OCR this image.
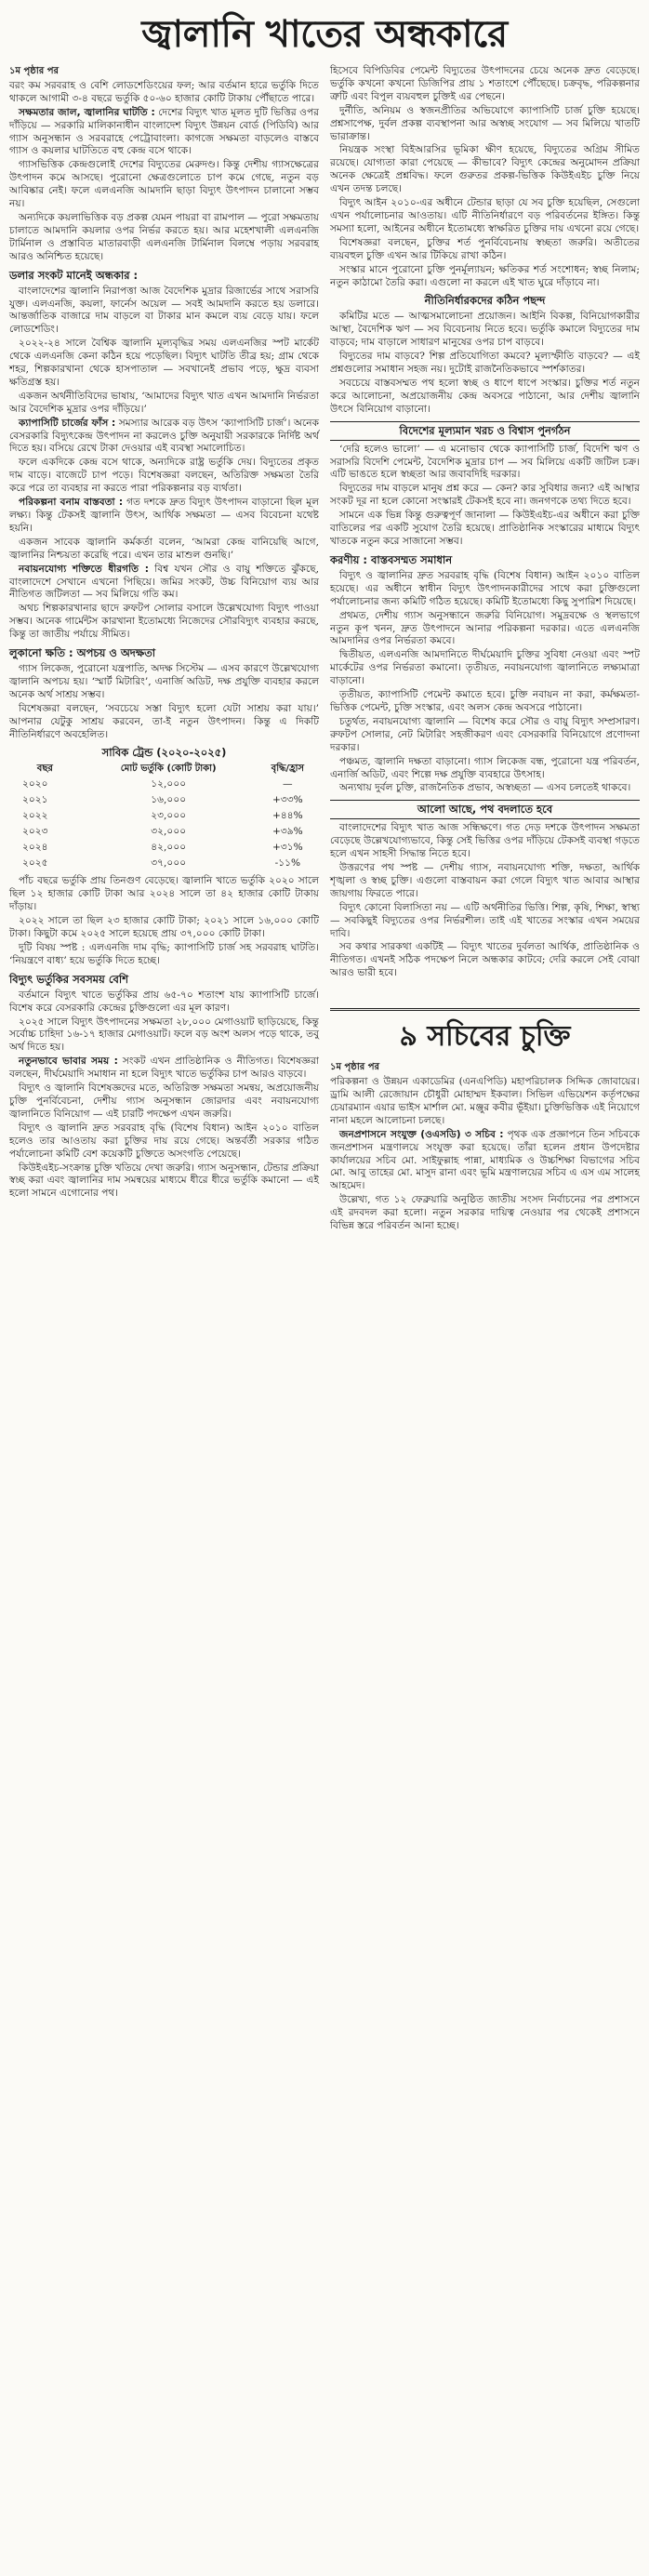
জ্বালানি খাতের অন্ধকারে
১ম পৃষ্ঠার পর

বরং কম সরবরাহ ও বেশি লোডশেডিংয়ের ফল; আর বর্তমান হারে ভর্তুকি দিতে থাকলে আগামী ৩-৪ বছরে ভর্তুকি ৫০-৬০ হাজার কোটি টাকায় পৌঁছাতে পারে।

সক্ষমতার জাল, জ্বালানির ঘাটতি : দেশের বিদ্যুৎ খাত মূলত দুটি ভিত্তির ওপর দাঁড়িয়ে — সরকারি মালিকানাধীন বাংলাদেশ বিদ্যুৎ উন্নয়ন বোর্ড (পিডিবি) আর গ্যাস অনুসন্ধান ও সরবরাহে পেট্রোবাংলা। কাগজে সক্ষমতা বাড়লেও বাস্তবে গ্যাস ও কয়লার ঘাটতিতে বহু কেন্দ্র বসে থাকে।

গ্যাসভিত্তিক কেন্দ্রগুলোই দেশের বিদ্যুতের মেরুদণ্ড। কিন্তু দেশীয় গ্যাসক্ষেত্রের উৎপাদন কমে আসছে। পুরোনো ক্ষেত্রগুলোতে চাপ কমে গেছে, নতুন বড় আবিষ্কার নেই। ফলে এলএনজি আমদানি ছাড়া বিদ্যুৎ উৎপাদন চালানো সম্ভব নয়।

অন্যদিকে কয়লাভিত্তিক বড় প্রকল্প যেমন পায়রা বা রামপাল — পুরো সক্ষমতায় চালাতে আমদানি কয়লার ওপর নির্ভর করতে হয়। আর মহেশখালী এলএনজি টার্মিনাল ও প্রস্তাবিত মাতারবাড়ী এলএনজি টার্মিনাল বিলম্বে পড়ায় সরবরাহ আরও অনিশ্চিত হয়েছে।

ডলার সংকট মানেই অন্ধকার :

বাংলাদেশের জ্বালানি নিরাপত্তা আজ বৈদেশিক মুদ্রার রিজার্ভের সাথে সরাসরি যুক্ত। এলএনজি, কয়লা, ফার্নেস অয়েল — সবই আমদানি করতে হয় ডলারে। আন্তর্জাতিক বাজারে দাম বাড়লে বা টাকার মান কমলে ব্যয় বেড়ে যায়। ফলে লোডশেডিং।

২০২২-২৪ সালে বৈশ্বিক জ্বালানি মূল্যবৃদ্ধির সময় এলএনজির স্পট মার্কেট থেকে এলএনজি কেনা কঠিন হয়ে পড়েছিল। বিদ্যুৎ ঘাটতি তীব্র হয়; গ্রাম থেকে শহর, শিল্পকারখানা থেকে হাসপাতাল — সবখানেই প্রভাব পড়ে, ক্ষুদ্র ব্যবসা ক্ষতিগ্রস্ত হয়।

একজন অর্থনীতিবিদের ভাষায়, ‘আমাদের বিদ্যুৎ খাত এখন আমদানি নির্ভরতা আর বৈদেশিক মুদ্রার ওপর দাঁড়িয়ে।’

ক্যাপাসিটি চার্জের ফাঁস : সমস্যার আরেক বড় উৎস ‘ক্যাপাসিটি চার্জ’। অনেক বেসরকারি বিদ্যুৎকেন্দ্র উৎপাদন না করলেও চুক্তি অনুযায়ী সরকারকে নির্দিষ্ট অর্থ দিতে হয়। বসিয়ে রেখে টাকা দেওয়ার এই ব্যবস্থা সমালোচিত।

ফলে একদিকে কেন্দ্র বসে থাকে, অন্যদিকে রাষ্ট্র ভর্তুকি দেয়। বিদ্যুতের প্রকৃত দাম বাড়ে। বাজেটে চাপ পড়ে। বিশেষজ্ঞরা বলছেন, অতিরিক্ত সক্ষমতা তৈরি করে পরে তা ব্যবহার না করতে পারা পরিকল্পনার বড় ব্যর্থতা।

পরিকল্পনা বনাম বাস্তবতা : গত দশকে দ্রুত বিদ্যুৎ উৎপাদন বাড়ানো ছিল মূল লক্ষ্য। কিন্তু টেকসই জ্বালানি উৎস, আর্থিক সক্ষমতা — এসব বিবেচনা যথেষ্ট হয়নি।

একজন সাবেক জ্বালানি কর্মকর্তা বলেন, ‘আমরা কেন্দ্র বানিয়েছি আগে, জ্বালানির নিশ্চয়তা করেছি পরে। এখন তার মাশুল গুনছি।’

নবায়নযোগ্য শক্তিতে ধীরগতি : বিশ্ব যখন সৌর ও বায়ু শক্তিতে ঝুঁকছে, বাংলাদেশে সেখানে এখনো পিছিয়ে। জমির সংকট, উচ্চ বিনিয়োগ ব্যয় আর নীতিগত জটিলতা — সব মিলিয়ে গতি কম।

অথচ শিল্পকারখানার ছাদে রুফটপ সোলার বসালে উল্লেখযোগ্য বিদ্যুৎ পাওয়া সম্ভব। অনেক গার্মেন্টস কারখানা ইতোমধ্যে নিজেদের সৌরবিদ্যুৎ ব্যবহার করছে, কিন্তু তা জাতীয় পর্যায়ে সীমিত।

লুকানো ক্ষতি : অপচয় ও অদক্ষতা

গ্যাস লিকেজ, পুরোনো যন্ত্রপাতি, অদক্ষ সিস্টেম — এসব কারণে উল্লেখযোগ্য জ্বালানি অপচয় হয়। ‘স্মার্ট মিটারিং’, এনার্জি অডিট, দক্ষ প্রযুক্তি ব্যবহার করলে অনেক অর্থ সাশ্রয় সম্ভব।

বিশেষজ্ঞরা বলছেন, ‘সবচেয়ে সস্তা বিদ্যুৎ হলো যেটা সাশ্রয় করা যায়।’ আপনার যেটুকু সাশ্রয় করবেন, তা-ই নতুন উৎপাদন। কিন্তু এ দিকটি নীতিনির্ধারণে অবহেলিত।

সাবিক ট্রেন্ড (২০২০-২০২৫)
বছর	মোট ভর্তুকি (কোটি টাকা)	বৃদ্ধি/হ্রাস
২০২০	১২,০০০	—
২০২১	১৬,০০০	+৩৩%
২০২২	২৩,০০০	+৪৪%
২০২৩	৩২,০০০	+৩৯%
২০২৪	৪২,০০০	+৩১%
২০২৫	৩৭,০০০	-১১%

পাঁচ বছরে ভর্তুকি প্রায় তিনগুণ বেড়েছে। জ্বালানি খাতে ভর্তুকি ২০২০ সালে ছিল ১২ হাজার কোটি টাকা আর ২০২৪ সালে তা ৪২ হাজার কোটি টাকায় দাঁড়ায়।

২০২২ সালে তা ছিল ২৩ হাজার কোটি টাকা; ২০২১ সালে ১৬,০০০ কোটি টাকা। কিছুটা কমে ২০২৫ সালে হয়েছে প্রায় ৩৭,০০০ কোটি টাকা।

দুটি বিষয় স্পষ্ট : এলএনজি দাম বৃদ্ধি; ক্যাপাসিটি চার্জ সহ সরবরাহ ঘাটতি। ‘নিয়ন্ত্রণে বাধ্য’ হয়ে ভর্তুকি দিতে হচ্ছে।

বিদ্যুৎ ভর্তুকির সবসময় বেশি

বর্তমানে বিদ্যুৎ খাতে ভর্তুকির প্রায় ৬৫-৭০ শতাংশ যায় ক্যাপাসিটি চার্জে। বিশেষ করে বেসরকারি কেন্দ্রের চুক্তিগুলো এর মূল কারণ।

২০২৫ সালে বিদ্যুৎ উৎপাদনের সক্ষমতা ২৮,০০০ মেগাওয়াট ছাড়িয়েছে, কিন্তু সর্বোচ্চ চাহিদা ১৬-১৭ হাজার মেগাওয়াট। ফলে বড় অংশ অলস পড়ে থাকে, তবু অর্থ দিতে হয়।

নতুনভাবে ভাবার সময় : সংকট এখন প্রাতিষ্ঠানিক ও নীতিগত। বিশেষজ্ঞরা বলছেন, দীর্ঘমেয়াদি সমাধান না হলে বিদ্যুৎ খাতে ভর্তুকির চাপ আরও বাড়বে।

বিদ্যুৎ ও জ্বালানি বিশেষজ্ঞদের মতে, অতিরিক্ত সক্ষমতা সমন্বয়, অপ্রয়োজনীয় চুক্তি পুনর্বিবেচনা, দেশীয় গ্যাস অনুসন্ধান জোরদার এবং নবায়নযোগ্য জ্বালানিতে বিনিয়োগ — এই চারটি পদক্ষেপ এখন জরুরি।

বিদ্যুৎ ও জ্বালানি দ্রুত সরবরাহ বৃদ্ধি (বিশেষ বিধান) আইন ২০১০ বাতিল হলেও তার আওতায় করা চুক্তির দায় রয়ে গেছে। অন্তর্বর্তী সরকার গঠিত পর্যালোচনা কমিটি বেশ কয়েকটি চুক্তিতে অসংগতি পেয়েছে।

কিউইএইচ-সংক্রান্ত চুক্তি খতিয়ে দেখা জরুরি। গ্যাস অনুসন্ধান, টেন্ডার প্রক্রিয়া স্বচ্ছ করা এবং জ্বালানির দাম সমন্বয়ের মাধ্যমে ধীরে ধীরে ভর্তুকি কমানো — এই হলো সামনে এগোনোর পথ।

হিসেবে বিপিডিবির পেমেন্ট বিদ্যুতের উৎপাদনের চেয়ে অনেক দ্রুত বেড়েছে। ভর্তুকি কখনো কখনো ডিজিপির প্রায় ১ শতাংশে পৌঁছেছে। চক্রবৃদ্ধ, পরিকল্পনার ত্রুটি এবং বিপুল ব্যয়বহুল চুক্তিই এর পেছনে।

দুর্নীতি, অনিয়ম ও স্বজনপ্রীতির অভিযোগে ক্যাপাসিটি চার্জ চুক্তি হয়েছে। প্রশ্নসাপেক্ষ, দুর্বল প্রকল্প ব্যবস্থাপনা আর অস্বচ্ছ সংযোগ — সব মিলিয়ে খাতটি ভারাক্রান্ত।

নিয়ন্ত্রক সংস্থা বিইআরসির ভূমিকা ক্ষীণ হয়েছে, বিদ্যুতের অগ্রিম সীমিত রয়েছে। যোগ্যতা কারা পেয়েছে — কীভাবে? বিদ্যুৎ কেন্দ্রের অনুমোদন প্রক্রিয়া অনেক ক্ষেত্রেই প্রশ্নবিদ্ধ। ফলে গুরুতর প্রকল্প-ভিত্তিক কিউইএইচ চুক্তি নিয়ে এখন তদন্ত চলছে।

বিদ্যুৎ আইন ২০১০-এর অধীনে টেন্ডার ছাড়া যে সব চুক্তি হয়েছিল, সেগুলো এখন পর্যালোচনার আওতায়। এটি নীতিনির্ধারণে বড় পরিবর্তনের ইঙ্গিত। কিন্তু সমস্যা হলো, আইনের অধীনে ইতোমধ্যে স্বাক্ষরিত চুক্তির দায় এখনো রয়ে গেছে।

বিশেষজ্ঞরা বলছেন, চুক্তির শর্ত পুনর্বিবেচনায় স্বচ্ছতা জরুরি। অতীতের ব্যয়বহুল চুক্তি এখন আর টিকিয়ে রাখা কঠিন।

সংস্কার মানে পুরোনো চুক্তি পুনর্মূল্যায়ন; ক্ষতিকর শর্ত সংশোধন; স্বচ্ছ নিলাম; নতুন কাঠামো তৈরি করা। এগুলো না করলে এই খাত ঘুরে দাঁড়াবে না।

নীতিনির্ধারকদের কঠিন পছন্দ

কমিটির মতে — আত্মসমালোচনা প্রয়োজন। আইনি বিকল্প, বিনিয়োগকারীর আস্থা, বৈদেশিক ঋণ — সব বিবেচনায় নিতে হবে। ভর্তুকি কমালে বিদ্যুতের দাম বাড়বে; দাম বাড়ালে সাধারণ মানুষের ওপর চাপ বাড়বে।

বিদ্যুতের দাম বাড়বে? শিল্প প্রতিযোগিতা কমবে? মূল্যস্ফীতি বাড়বে? — এই প্রশ্নগুলোর সমাধান সহজ নয়। দুটোই রাজনৈতিকভাবে স্পর্শকাতর।

সবচেয়ে বাস্তবসম্মত পথ হলো স্বচ্ছ ও ধাপে ধাপে সংস্কার। চুক্তির শর্ত নতুন করে আলোচনা, অপ্রয়োজনীয় কেন্দ্র অবসরে পাঠানো, আর দেশীয় জ্বালানি উৎসে বিনিয়োগ বাড়ানো।

বিদেশের মূল্যমান খরচ ও বিশ্বাস পুনর্গঠন

‘দেরি হলেও ভালো’ — এ মনোভাব থেকে ক্যাপাসিটি চার্জ, বিদেশি ঋণ ও সরাসরি বিদেশি পেমেন্ট, বৈদেশিক মুদ্রার চাপ — সব মিলিয়ে একটি জটিল চক্র। এটি ভাঙতে হলে স্বচ্ছতা আর জবাবদিহি দরকার।

বিদ্যুতের দাম বাড়লে মানুষ প্রশ্ন করে — কেন? কার সুবিধার জন্য? এই আস্থার সংকট দূর না হলে কোনো সংস্কারই টেকসই হবে না। জনগণকে তথ্য দিতে হবে।

সামনে এক ভিন্ন কিন্তু গুরুত্বপূর্ণ জানালা — কিউইএইচ-এর অধীনে করা চুক্তি বাতিলের পর একটি সুযোগ তৈরি হয়েছে। প্রাতিষ্ঠানিক সংস্কারের মাধ্যমে বিদ্যুৎ খাতকে নতুন করে সাজানো সম্ভব।

করণীয় : বাস্তবসম্মত সমাধান

বিদ্যুৎ ও জ্বালানির দ্রুত সরবরাহ বৃদ্ধি (বিশেষ বিধান) আইন ২০১০ বাতিল হয়েছে। এর অধীনে স্বাধীন বিদ্যুৎ উৎপাদনকারীদের সাথে করা চুক্তিগুলো পর্যালোচনার জন্য কমিটি গঠিত হয়েছে। কমিটি ইতোমধ্যে কিছু সুপারিশ দিয়েছে।

প্রথমত, দেশীয় গ্যাস অনুসন্ধানে জরুরি বিনিয়োগ। সমুদ্রবক্ষে ও স্থলভাগে নতুন কূপ খনন, দ্রুত উৎপাদনে আনার পরিকল্পনা দরকার। এতে এলএনজি আমদানির ওপর নির্ভরতা কমবে।

দ্বিতীয়ত, এলএনজি আমদানিতে দীর্ঘমেয়াদি চুক্তির সুবিধা নেওয়া এবং স্পট মার্কেটের ওপর নির্ভরতা কমানো। তৃতীয়ত, নবায়নযোগ্য জ্বালানিতে লক্ষ্যমাত্রা বাড়ানো।

তৃতীয়ত, ক্যাপাসিটি পেমেন্ট কমাতে হবে। চুক্তি নবায়ন না করা, কর্মক্ষমতা-ভিত্তিক পেমেন্ট, চুক্তি সংস্কার, এবং অলস কেন্দ্র অবসরে পাঠানো।

চতুর্থত, নবায়নযোগ্য জ্বালানি — বিশেষ করে সৌর ও বায়ু বিদ্যুৎ সম্প্রসারণ। রুফটপ সোলার, নেট মিটারিং সহজীকরণ এবং বেসরকারি বিনিয়োগে প্রণোদনা দরকার।

পঞ্চমত, জ্বালানি দক্ষতা বাড়ানো। গ্যাস লিকেজ বন্ধ, পুরোনো যন্ত্র পরিবর্তন, এনার্জি অডিট, এবং শিল্পে দক্ষ প্রযুক্তি ব্যবহারে উৎসাহ।

অন্যথায় দুর্বল চুক্তি, রাজনৈতিক প্রভাব, অস্বচ্ছতা — এসব চলতেই থাকবে।

আলো আছে, পথ বদলাতে হবে

বাংলাদেশের বিদ্যুৎ খাত আজ সন্ধিক্ষণে। গত দেড় দশকে উৎপাদন সক্ষমতা বেড়েছে উল্লেখযোগ্যভাবে, কিন্তু সেই ভিত্তির ওপর দাঁড়িয়ে টেকসই ব্যবস্থা গড়তে হলে এখন সাহসী সিদ্ধান্ত নিতে হবে।

উত্তরণের পথ স্পষ্ট — দেশীয় গ্যাস, নবায়নযোগ্য শক্তি, দক্ষতা, আর্থিক শৃঙ্খলা ও স্বচ্ছ চুক্তি। এগুলো বাস্তবায়ন করা গেলে বিদ্যুৎ খাত আবার আস্থার জায়গায় ফিরতে পারে।

বিদ্যুৎ কোনো বিলাসিতা নয় — এটি অর্থনীতির ভিত্তি। শিল্প, কৃষি, শিক্ষা, স্বাস্থ্য — সবকিছুই বিদ্যুতের ওপর নির্ভরশীল। তাই এই খাতের সংস্কার এখন সময়ের দাবি।

সব কথার সারকথা একটিই — বিদ্যুৎ খাতের দুর্বলতা আর্থিক, প্রাতিষ্ঠানিক ও নীতিগত। এখনই সঠিক পদক্ষেপ নিলে অন্ধকার কাটবে; দেরি করলে সেই বোঝা আরও ভারী হবে।

৯ সচিবের চুক্তি
১ম পৃষ্ঠার পর

পরিকল্পনা ও উন্নয়ন একাডেমির (এনএপিডি) মহাপরিচালক সিদ্দিক জোবায়ের। ড্রামি আলী রেজোয়ান চৌধুরী মোহাম্মদ ইকবাল। সিভিল এভিয়েশন কর্তৃপক্ষের চেয়ারম্যান এয়ার ভাইস মার্শাল মো. মঞ্জুর কবীর ভূঁইয়া। চুক্তিভিত্তিক এই নিয়োগে নানা মহলে আলোচনা চলছে।

জনপ্রশাসনে সংযুক্ত (ওএসডি) ৩ সচিব : পৃথক এক প্রজ্ঞাপনে তিন সচিবকে জনপ্রশাসন মন্ত্রণালয়ে সংযুক্ত করা হয়েছে। তাঁরা হলেন প্রধান উপদেষ্টার কার্যালয়ের সচিব মো. সাইফুল্লাহ পান্না, মাধ্যমিক ও উচ্চশিক্ষা বিভাগের সচিব মো. আবু তাহের মো. মাসুদ রানা এবং ভূমি মন্ত্রণালয়ের সচিব এ এস এম সালেহ আহমেদ।

উল্লেখ্য, গত ১২ ফেব্রুয়ারি অনুষ্ঠিত জাতীয় সংসদ নির্বাচনের পর প্রশাসনে এই রদবদল করা হলো। নতুন সরকার দায়িত্ব নেওয়ার পর থেকেই প্রশাসনে বিভিন্ন স্তরে পরিবর্তন আনা হচ্ছে।
